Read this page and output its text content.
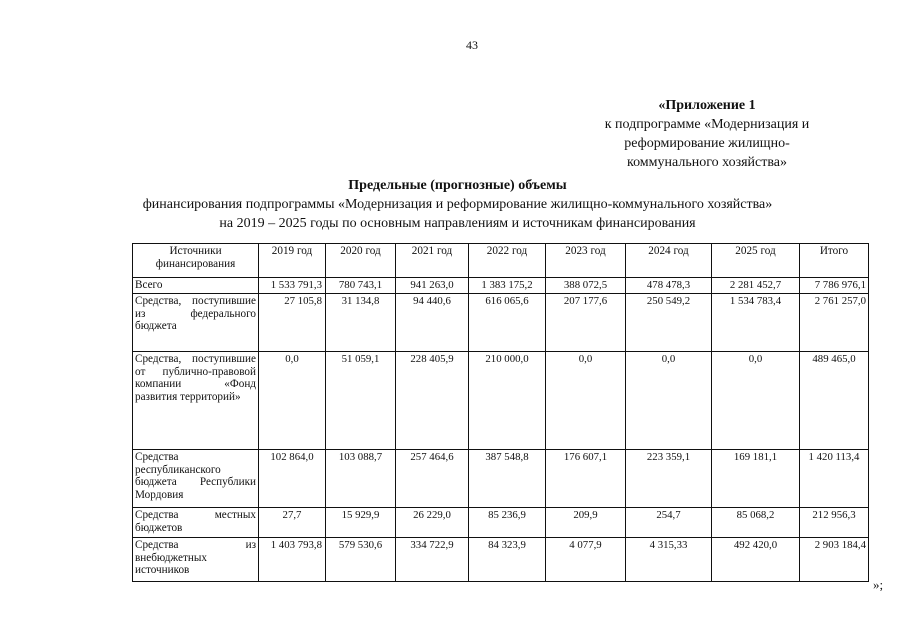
43
«Приложение 1
к подпрограмме «Модернизация и
реформирование жилищно-
коммунального хозяйства»
Предельные (прогнозные) объемы
финансирования подпрограммы «Модернизация и реформирование жилищно-коммунального хозяйства»
на 2019 – 2025 годы по основным направлениям и источникам финансирования
Источники финансирования	2019 год	2020 год	2021 год	2022 год	2023 год	2024 год	2025 год	Итого
Всего	1 533 791,3	780 743,1	941 263,0	1 383 175,2	388 072,5	478 478,3	2 281 452,7	7 786 976,1
Средства, поступившие из федерального бюджета	27 105,8	31 134,8	94 440,6	616 065,6	207 177,6	250 549,2	1 534 783,4	2 761 257,0
Средства, поступившие от публично-правовой компании «Фонд развития территорий»	0,0	51 059,1	228 405,9	210 000,0	0,0	0,0	0,0	489 465,0
Средства республиканского бюджета Республики Мордовия	102 864,0	103 088,7	257 464,6	387 548,8	176 607,1	223 359,1	169 181,1	1 420 113,4
Средства местных бюджетов	27,7	15 929,9	26 229,0	85 236,9	209,9	254,7	85 068,2	212 956,3
Средства из внебюджетных источников	1 403 793,8	579 530,6	334 722,9	84 323,9	4 077,9	4 315,33	492 420,0	2 903 184,4
»;
